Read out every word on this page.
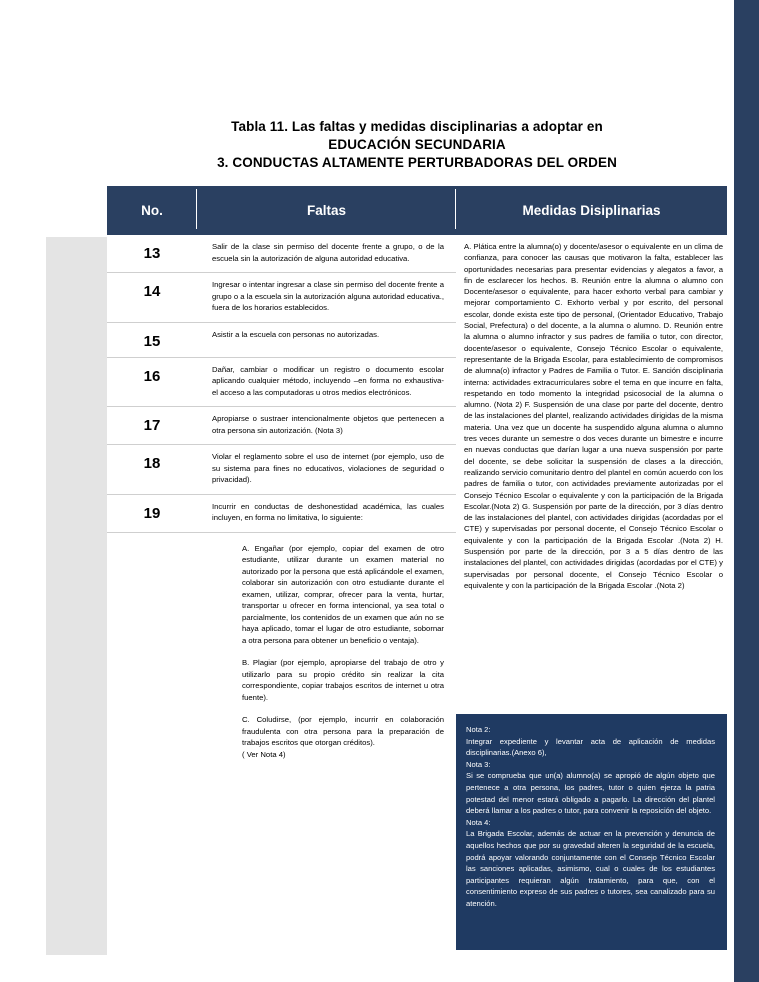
Tabla 11. Las faltas y medidas disciplinarias a adoptar en
EDUCACIÓN SECUNDARIA
3. CONDUCTAS ALTAMENTE PERTURBADORAS DEL ORDEN
No.	Faltas	Medidas Disiplinarias
13	Salir de la clase sin permiso del docente frente a grupo, o de la escuela sin la autorización de alguna autoridad educativa.
14	Ingresar o intentar ingresar a clase sin permiso del docente frente a grupo o a la escuela sin la autorización alguna autoridad educativa., fuera de los horarios establecidos.
15	Asistir a la escuela con personas no autorizadas.
16	Dañar, cambiar o modificar un registro o documento escolar aplicando cualquier método, incluyendo –en forma no exhaustiva- el acceso a las computadoras u otros medios electrónicos.
17	Apropiarse o sustraer intencionalmente objetos que pertenecen a otra persona sin autorización. (Nota 3)
18	Violar el reglamento sobre el uso de internet (por ejemplo, uso de su sistema para fines no educativos, violaciones de seguridad o privacidad).
19	Incurrir en conductas de deshonestidad académica, las cuales incluyen, en forma no limitativa, lo siguiente:
A. Engañar (por ejemplo, copiar del examen de otro estudiante, utilizar durante un examen material no autorizado por la persona que está aplicándole el examen, colaborar sin autorización con otro estudiante durante el examen, utilizar, comprar, ofrecer para la venta, hurtar, transportar u ofrecer en forma intencional, ya sea total o parcialmente, los contenidos de un examen que aún no se haya aplicado, tomar el lugar de otro estudiante, sobornar a otra persona para obtener un beneficio o ventaja).
B. Plagiar (por ejemplo, apropiarse del trabajo de otro y utilizarlo para su propio crédito sin realizar la cita correspondiente, copiar trabajos escritos de internet u otra fuente).
C. Coludirse, (por ejemplo, incurrir en colaboración fraudulenta con otra persona para la preparación de trabajos escritos que otorgan créditos).
( Ver Nota 4)
A. Plática entre la alumna(o) y docente/asesor o equivalente en un clima de confianza, para conocer las causas que motivaron la falta, establecer las oportunidades necesarias para presentar evidencias y alegatos a favor, a fin de esclarecer los hechos. B. Reunión entre la alumna o alumno con Docente/asesor o equivalente, para hacer exhorto verbal para cambiar y mejorar comportamiento C. Exhorto verbal y por escrito, del personal escolar, donde exista este tipo de personal, (Orientador Educativo, Trabajo Social, Prefectura) o del docente, a la alumna o alumno. D. Reunión entre la alumna o alumno infractor y sus padres de familia o tutor, con director, docente/asesor o equivalente, Consejo Técnico Escolar o equivalente, representante de la Brigada Escolar, para establecimiento de compromisos de alumna(o) infractor y Padres de Familia o Tutor. E. Sanción disciplinaria interna: actividades extracurriculares sobre el tema en que incurre en falta, respetando en todo momento la integridad psicosocial de la alumna o alumno. (Nota 2) F. Suspensión de una clase por parte del docente, dentro de las instalaciones del plantel, realizando actividades dirigidas de la misma materia. Una vez que un docente ha suspendido alguna alumna o alumno tres veces durante un semestre o dos veces durante un bimestre e incurre en nuevas conductas que darían lugar a una nueva suspensión por parte del docente, se debe solicitar la suspensión de clases a la dirección, realizando servicio comunitario dentro del plantel en común acuerdo con los padres de familia o tutor, con actividades previamente autorizadas por el Consejo Técnico Escolar o equivalente y con la participación de la Brigada Escolar.(Nota 2) G. Suspensión por parte de la dirección, por 3 días dentro de las instalaciones del plantel, con actividades dirigidas (acordadas por el CTE) y supervisadas por personal docente, el Consejo Técnico Escolar o equivalente y con la participación de la Brigada Escolar .(Nota 2) H. Suspensión por parte de la dirección, por 3 a 5 días dentro de las instalaciones del plantel, con actividades dirigidas (acordadas por el CTE) y supervisadas por personal docente, el Consejo Técnico Escolar o equivalente y con la participación de la Brigada Escolar .(Nota 2)
Nota 2:
Integrar expediente y levantar acta de aplicación de medidas disciplinarias.(Anexo 6),
Nota 3:
Si se comprueba que un(a) alumno(a) se apropió de algún objeto que pertenece a otra persona, los padres, tutor o quien ejerza la patria potestad del menor estará obligado a pagarlo. La dirección del plantel deberá llamar a los padres o tutor, para convenir la reposición del objeto.
Nota 4:
La Brigada Escolar, además de actuar en la prevención y denuncia de aquellos hechos que por su gravedad alteren la seguridad de la escuela, podrá apoyar valorando conjuntamente con el Consejo Técnico Escolar las sanciones aplicadas, asimismo, cual o cuales de los estudiantes participantes requieran algún tratamiento, para que, con el consentimiento expreso de sus padres o tutores, sea canalizado para su atención.
